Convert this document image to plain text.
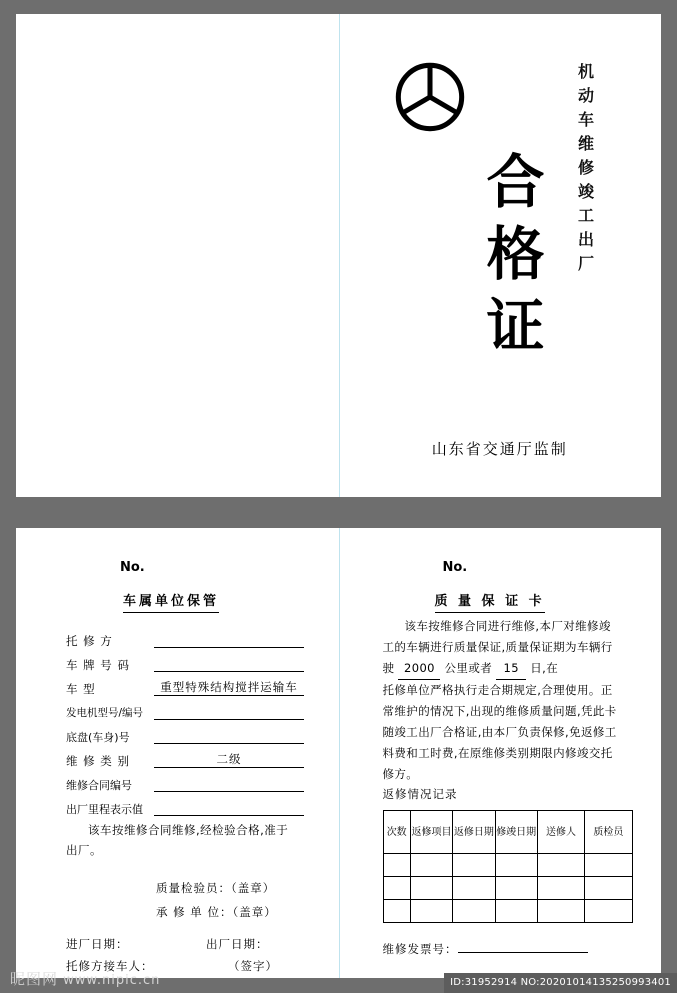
机
动
车
维
修
竣
工
出
厂
合
格
证
山东省交通厅监制
No.
车属单位保管
托 修 方
车 牌 号 码
车 型	重型特殊结构搅拌运输车
发电机型号/编号
底盘(车身)号
维 修 类 别	二级
维修合同编号
出厂里程表示值
该车按维修合同维修,经检验合格,准于
出厂。
质量检验员：（盖章）
承 修 单 位：（盖章）
进厂日期：	出厂日期：
托修方接车人：	（签字）
No.
质 量 保 证 卡
该车按维修合同进行维修,本厂对维修竣
工的车辆进行质量保证,质量保证期为车辆行
驶 2000 公里或者 15 日,在
托修单位严格执行走合期规定,合理使用。正
常维护的情况下,出现的维修质量问题,凭此卡
随竣工出厂合格证,由本厂负责保修,免返修工
料费和工时费,在原维修类别期限内修竣交托
修方。
返修情况记录
次数	返修项目	返修日期	修竣日期	送修人	质检员

维修发票号：
昵图网 www.nipic.cn	ID:31952914 NO:20201014135250993401
